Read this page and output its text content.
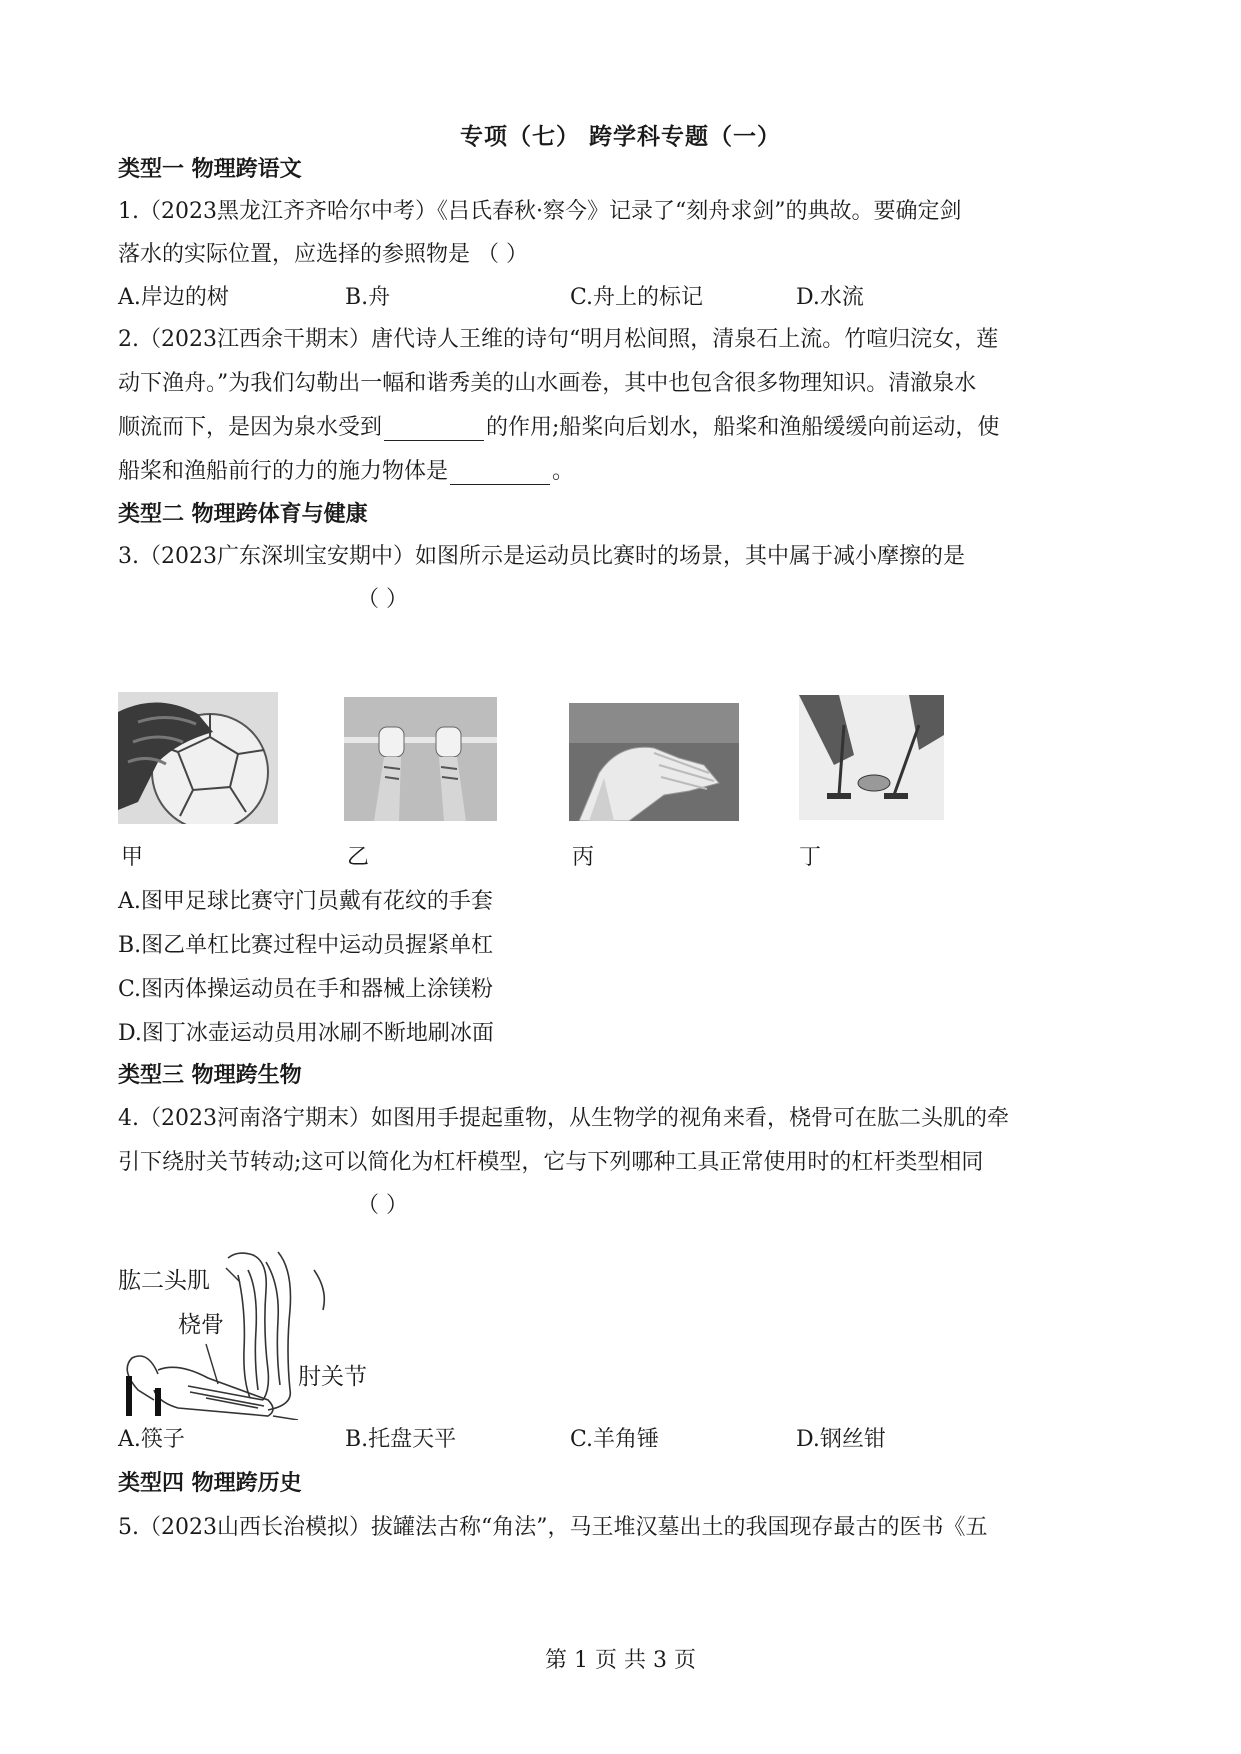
专项（七） 跨学科专题（一）
类型一 物理跨语文
1.（2023黑龙江齐齐哈尔中考）《吕氏春秋·察今》记录了“刻舟求剑”的典故。要确定剑
落水的实际位置，应选择的参照物是 （ ）
A.岸边的树	B.舟	C.舟上的标记	D.水流
2.（2023江西余干期末）唐代诗人王维的诗句“明月松间照，清泉石上流。竹喧归浣女，莲
动下渔舟。”为我们勾勒出一幅和谐秀美的山水画卷，其中也包含很多物理知识。清澈泉水
顺流而下，是因为泉水受到	的作用;船桨向后划水，船桨和渔船缓缓向前运动，使
船桨和渔船前行的力的施力物体是	。
类型二 物理跨体育与健康
3.（2023广东深圳宝安期中）如图所示是运动员比赛时的场景，其中属于减小摩擦的是
（ ）
甲	乙	丙	丁
A.图甲足球比赛守门员戴有花纹的手套
B.图乙单杠比赛过程中运动员握紧单杠
C.图丙体操运动员在手和器械上涂镁粉
D.图丁冰壶运动员用冰刷不断地刷冰面
类型三 物理跨生物
4.（2023河南洛宁期末）如图用手提起重物，从生物学的视角来看，桡骨可在肱二头肌的牵
引下绕肘关节转动;这可以简化为杠杆模型，它与下列哪种工具正常使用时的杠杆类型相同
（ ）
肱二头肌
桡骨
肘关节
A.筷子	B.托盘天平	C.羊角锤	D.钢丝钳
类型四 物理跨历史
5.（2023山西长治模拟）拔罐法古称“角法”，马王堆汉墓出土的我国现存最古的医书《五
第 1 页 共 3 页
